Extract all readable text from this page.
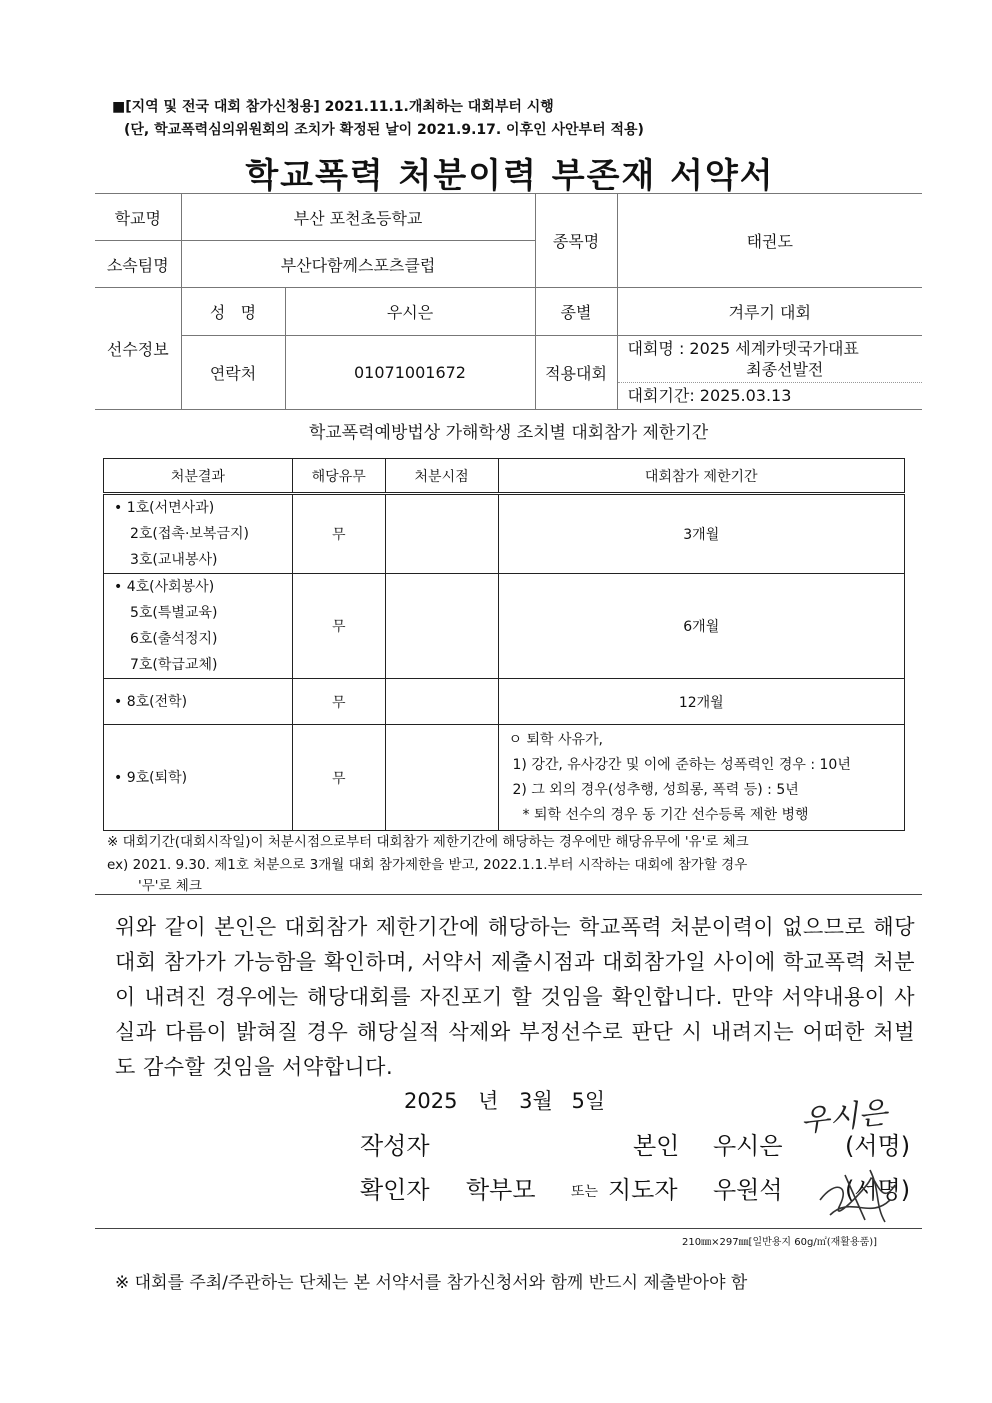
■[지역 및 전국 대회 참가신청용] 2021.11.1.개최하는 대회부터 시행
(단, 학교폭력심의위원회의 조치가 확정된 날이 2021.9.17. 이후인 사안부터 적용)
학교폭력 처분이력 부존재 서약서
학교명	부산 포천초등학교		종목명	태권도
소속팀명	부산다함께스포츠클럽			
선수정보	성   명	우시은	종별	겨루기 대회
	연락처	01071001672	적용대회	대회명 : 2025 세계카뎃국가대표
최종선발전
대회기간: 2025.03.13
학교폭력예방법상 가해학생 조치별 대회참가 제한기간
처분결과	해당유무	처분시점	대회참가 제한기간

• 1호(서면사과)
2호(접촉·보복금지)
3호(교내봉사)	무		3개월

• 4호(사회봉사)
5호(특별교육)
6호(출석정지)
7호(학급교체)	무		6개월
• 8호(전학)	무		12개월
• 9호(퇴학)	무		ㅇ 퇴학 사유가,
1) 강간, 유사강간 및 이에 준하는 성폭력인 경우 : 10년
2) 그 외의 경우(성추행, 성희롱, 폭력 등) : 5년
* 퇴학 선수의 경우 동 기간 선수등록 제한 병행
※ 대회기간(대회시작일)이 처분시점으로부터 대회참가 제한기간에 해당하는 경우에만 해당유무에 '유'로 체크
ex) 2021. 9.30. 제1호 처분으로 3개월 대회 참가제한을 받고, 2022.1.1.부터 시작하는 대회에 참가할 경우
'무'로 체크
위와 같이 본인은 대회참가 제한기간에 해당하는 학교폭력 처분이력이 없으므로 해당 대회 참가가 가능함을 확인하며, 서약서 제출시점과 대회참가일 사이에 학교폭력 처분이 내려진 경우에는 해당대회를 자진포기 할 것임을 확인합니다. 만약 서약내용이 사실과 다름이 밝혀질 경우 해당실적 삭제와 부정선수로 판단 시 내려지는 어떠한 처벌도 감수할 것임을 서약합니다.
2025 년 3월 5일
작성자	본인 우시은	(서명)
우시은
확인자 학부모	또는 지도자 우원석	(서명)
210㎜×297㎜[일반용지 60g/㎡(재활용품)]
※ 대회를 주최/주관하는 단체는 본 서약서를 참가신청서와 함께 반드시 제출받아야 함
